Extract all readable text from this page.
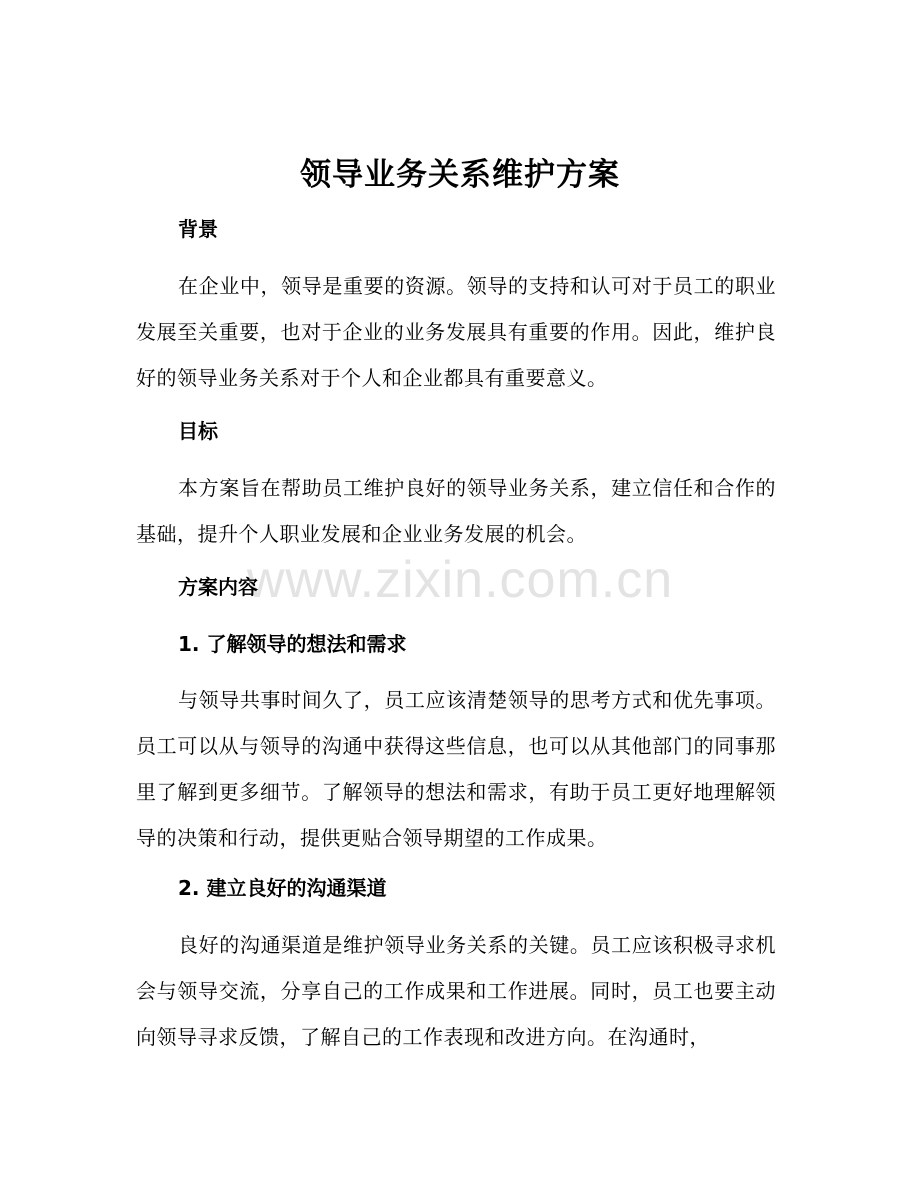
www.zixin.com.cn
领导业务关系维护方案
背景

在企业中，领导是重要的资源。领导的支持和认可对于员工的职业发展至关重要，也对于企业的业务发展具有重要的作用。因此，维护良好的领导业务关系对于个人和企业都具有重要意义。

目标

本方案旨在帮助员工维护良好的领导业务关系，建立信任和合作的基础，提升个人职业发展和企业业务发展的机会。

方案内容
1. 了解领导的想法和需求

与领导共事时间久了，员工应该清楚领导的思考方式和优先事项。员工可以从与领导的沟通中获得这些信息，也可以从其他部门的同事那里了解到更多细节。了解领导的想法和需求，有助于员工更好地理解领导的决策和行动，提供更贴合领导期望的工作成果。

2. 建立良好的沟通渠道

良好的沟通渠道是维护领导业务关系的关键。员工应该积极寻求机会与领导交流，分享自己的工作成果和工作进展。同时，员工也要主动向领导寻求反馈，了解自己的工作表现和改进方向。在沟通时，
